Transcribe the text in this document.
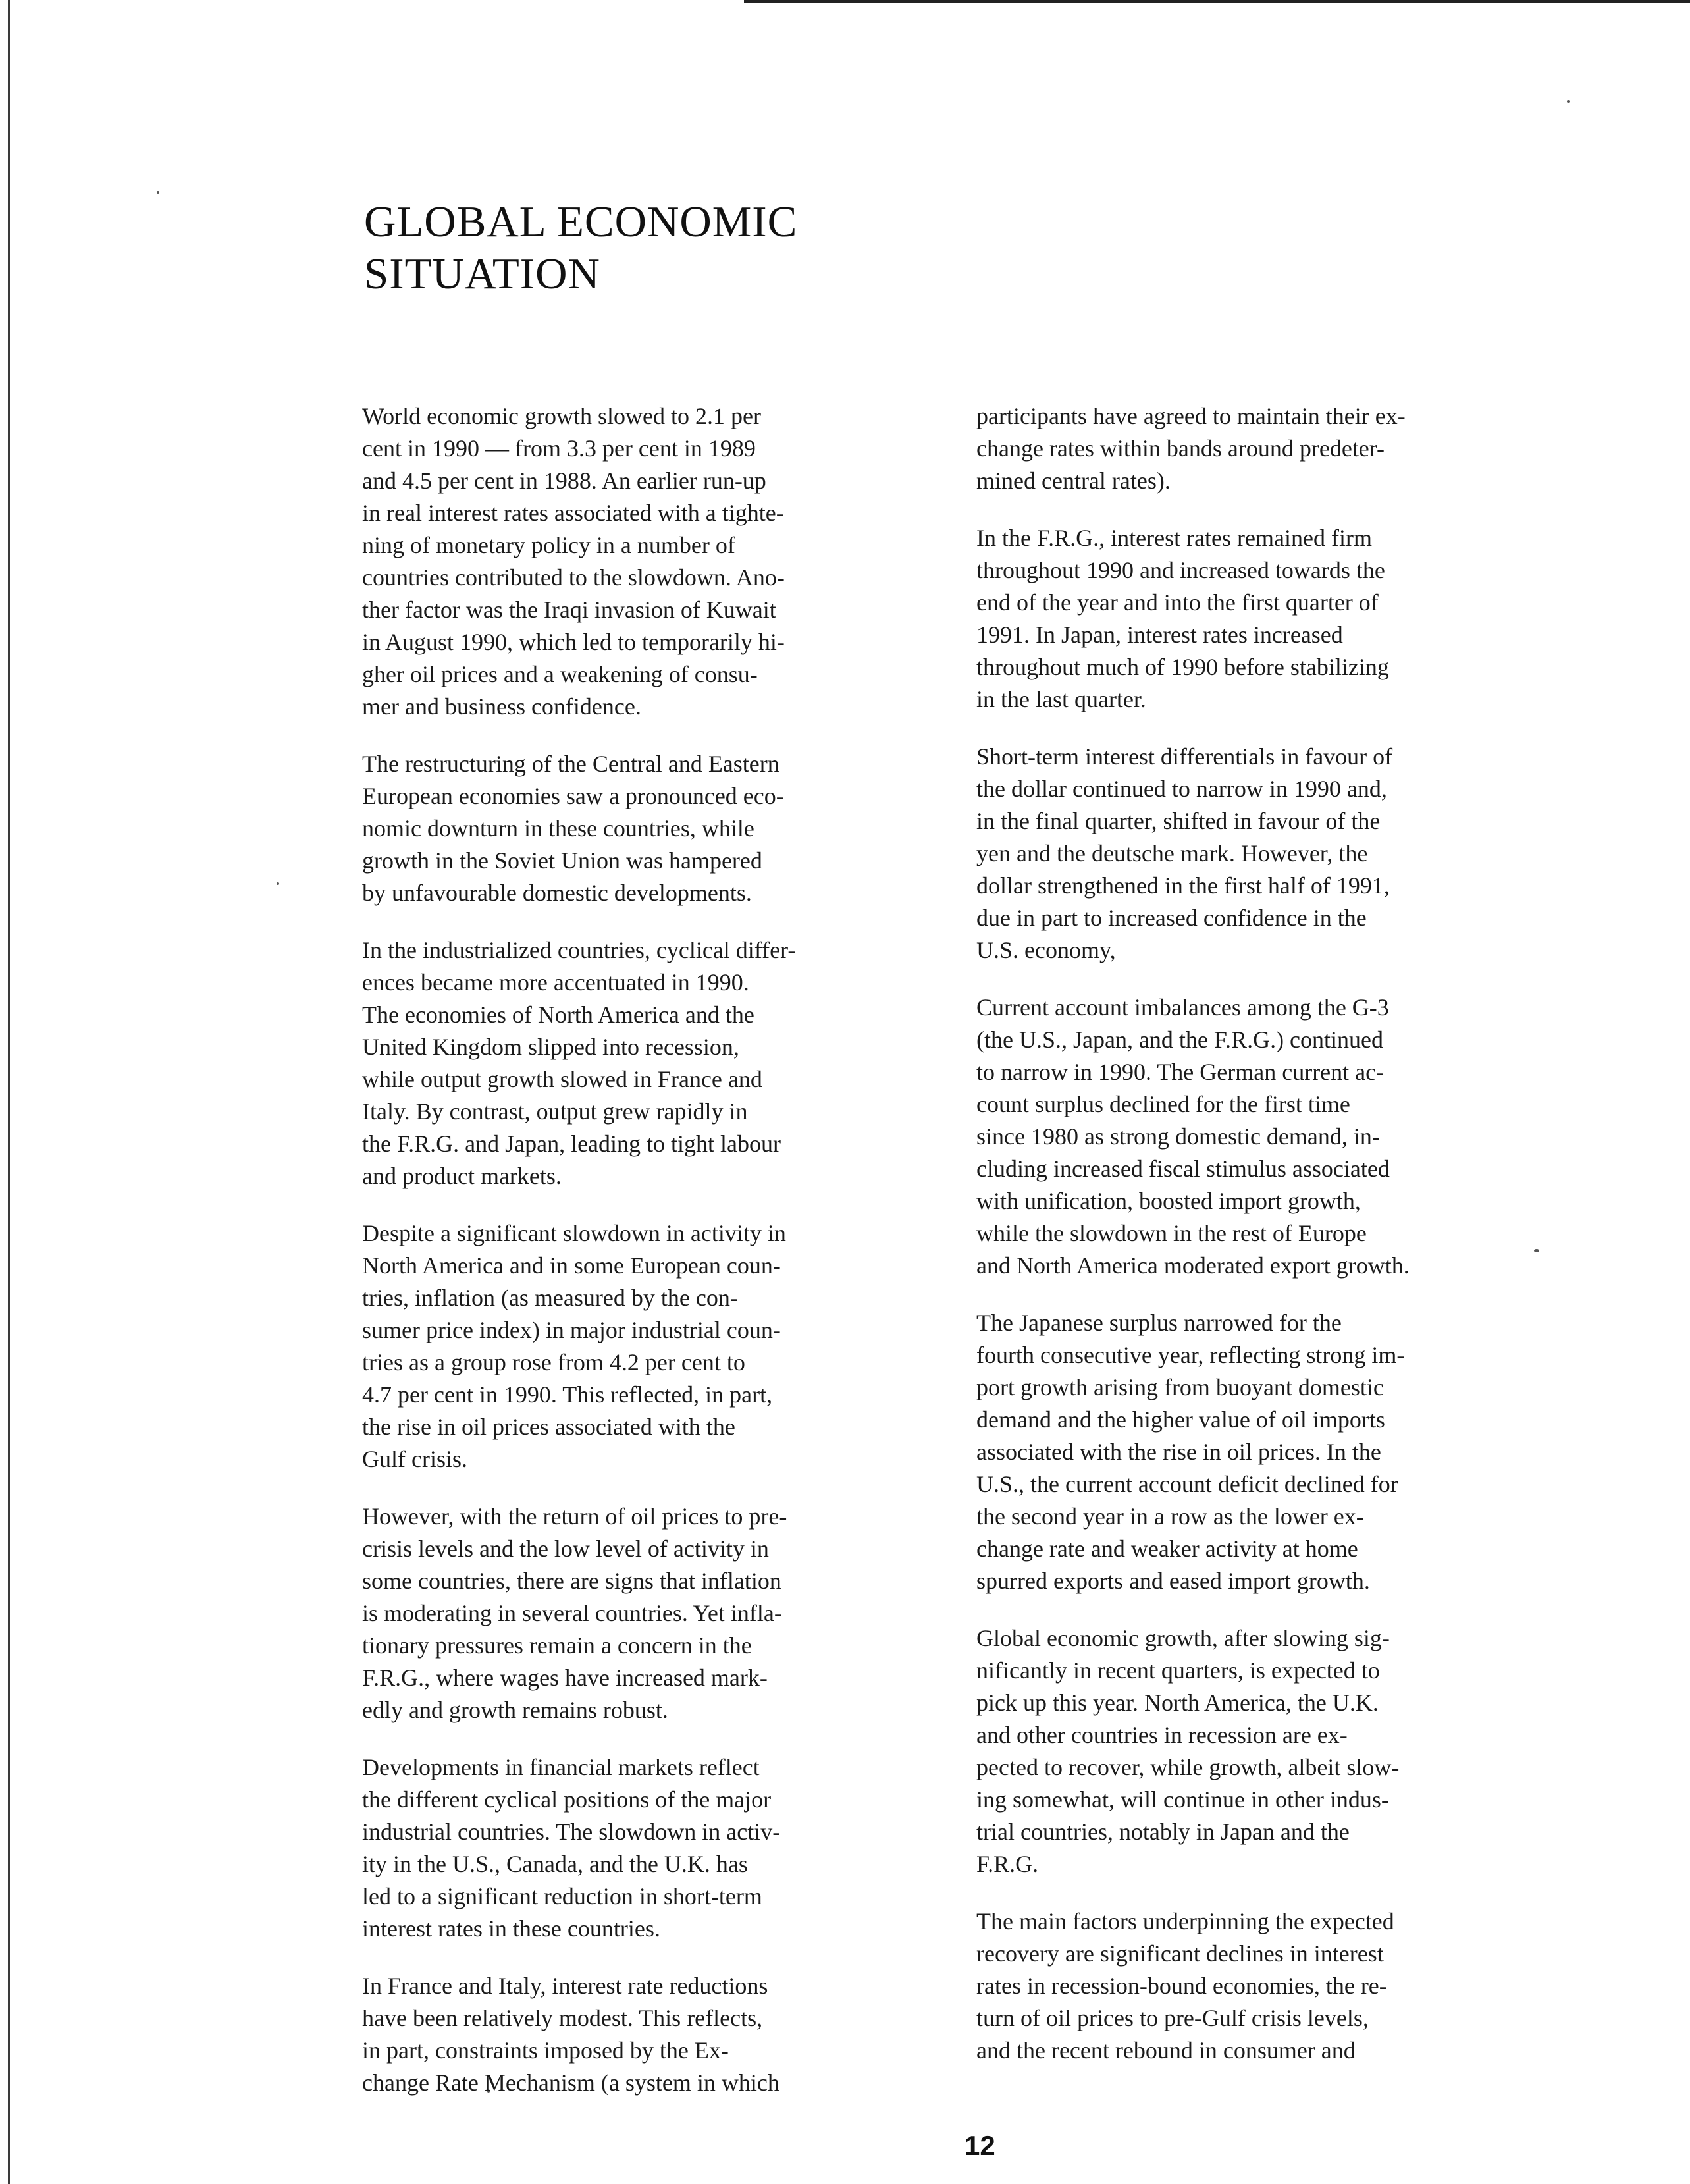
GLOBAL ECONOMIC
SITUATION

World economic growth slowed to 2.1 per
cent in 1990 — from 3.3 per cent in 1989
and 4.5 per cent in 1988. An earlier run-up
in real interest rates associated with a tighte-
ning of monetary policy in a number of
countries contributed to the slowdown. Ano-
ther factor was the Iraqi invasion of Kuwait
in August 1990, which led to temporarily hi-
gher oil prices and a weakening of consu-
mer and business confidence.

The restructuring of the Central and Eastern
European economies saw a pronounced eco-
nomic downturn in these countries, while
growth in the Soviet Union was hampered
by unfavourable domestic developments.

In the industrialized countries, cyclical differ-
ences became more accentuated in 1990.
The economies of North America and the
United Kingdom slipped into recession,
while output growth slowed in France and
Italy. By contrast, output grew rapidly in
the F.R.G. and Japan, leading to tight labour
and product markets.

Despite a significant slowdown in activity in
North America and in some European coun-
tries, inflation (as measured by the con-
sumer price index) in major industrial coun-
tries as a group rose from 4.2 per cent to
4.7 per cent in 1990. This reflected, in part,
the rise in oil prices associated with the
Gulf crisis.

However, with the return of oil prices to pre-
crisis levels and the low level of activity in
some countries, there are signs that inflation
is moderating in several countries. Yet infla-
tionary pressures remain a concern in the
F.R.G., where wages have increased mark-
edly and growth remains robust.

Developments in financial markets reflect
the different cyclical positions of the major
industrial countries. The slowdown in activ-
ity in the U.S., Canada, and the U.K. has
led to a significant reduction in short-term
interest rates in these countries.

In France and Italy, interest rate reductions
have been relatively modest. This reflects,
in part, constraints imposed by the Ex-
change Rate Mechanism (a system in which

participants have agreed to maintain their ex-
change rates within bands around predeter-
mined central rates).

In the F.R.G., interest rates remained firm
throughout 1990 and increased towards the
end of the year and into the first quarter of
1991. In Japan, interest rates increased
throughout much of 1990 before stabilizing
in the last quarter.

Short-term interest differentials in favour of
the dollar continued to narrow in 1990 and,
in the final quarter, shifted in favour of the
yen and the deutsche mark. However, the
dollar strengthened in the first half of 1991,
due in part to increased confidence in the
U.S. economy,

Current account imbalances among the G-3
(the U.S., Japan, and the F.R.G.) continued
to narrow in 1990. The German current ac-
count surplus declined for the first time
since 1980 as strong domestic demand, in-
cluding increased fiscal stimulus associated
with unification, boosted import growth,
while the slowdown in the rest of Europe
and North America moderated export growth.

The Japanese surplus narrowed for the
fourth consecutive year, reflecting strong im-
port growth arising from buoyant domestic
demand and the higher value of oil imports
associated with the rise in oil prices. In the
U.S., the current account deficit declined for
the second year in a row as the lower ex-
change rate and weaker activity at home
spurred exports and eased import growth.

Global economic growth, after slowing sig-
nificantly in recent quarters, is expected to
pick up this year. North America, the U.K.
and other countries in recession are ex-
pected to recover, while growth, albeit slow-
ing somewhat, will continue in other indus-
trial countries, notably in Japan and the
F.R.G.

The main factors underpinning the expected
recovery are significant declines in interest
rates in recession-bound economies, the re-
turn of oil prices to pre-Gulf crisis levels,
and the recent rebound in consumer and

12
